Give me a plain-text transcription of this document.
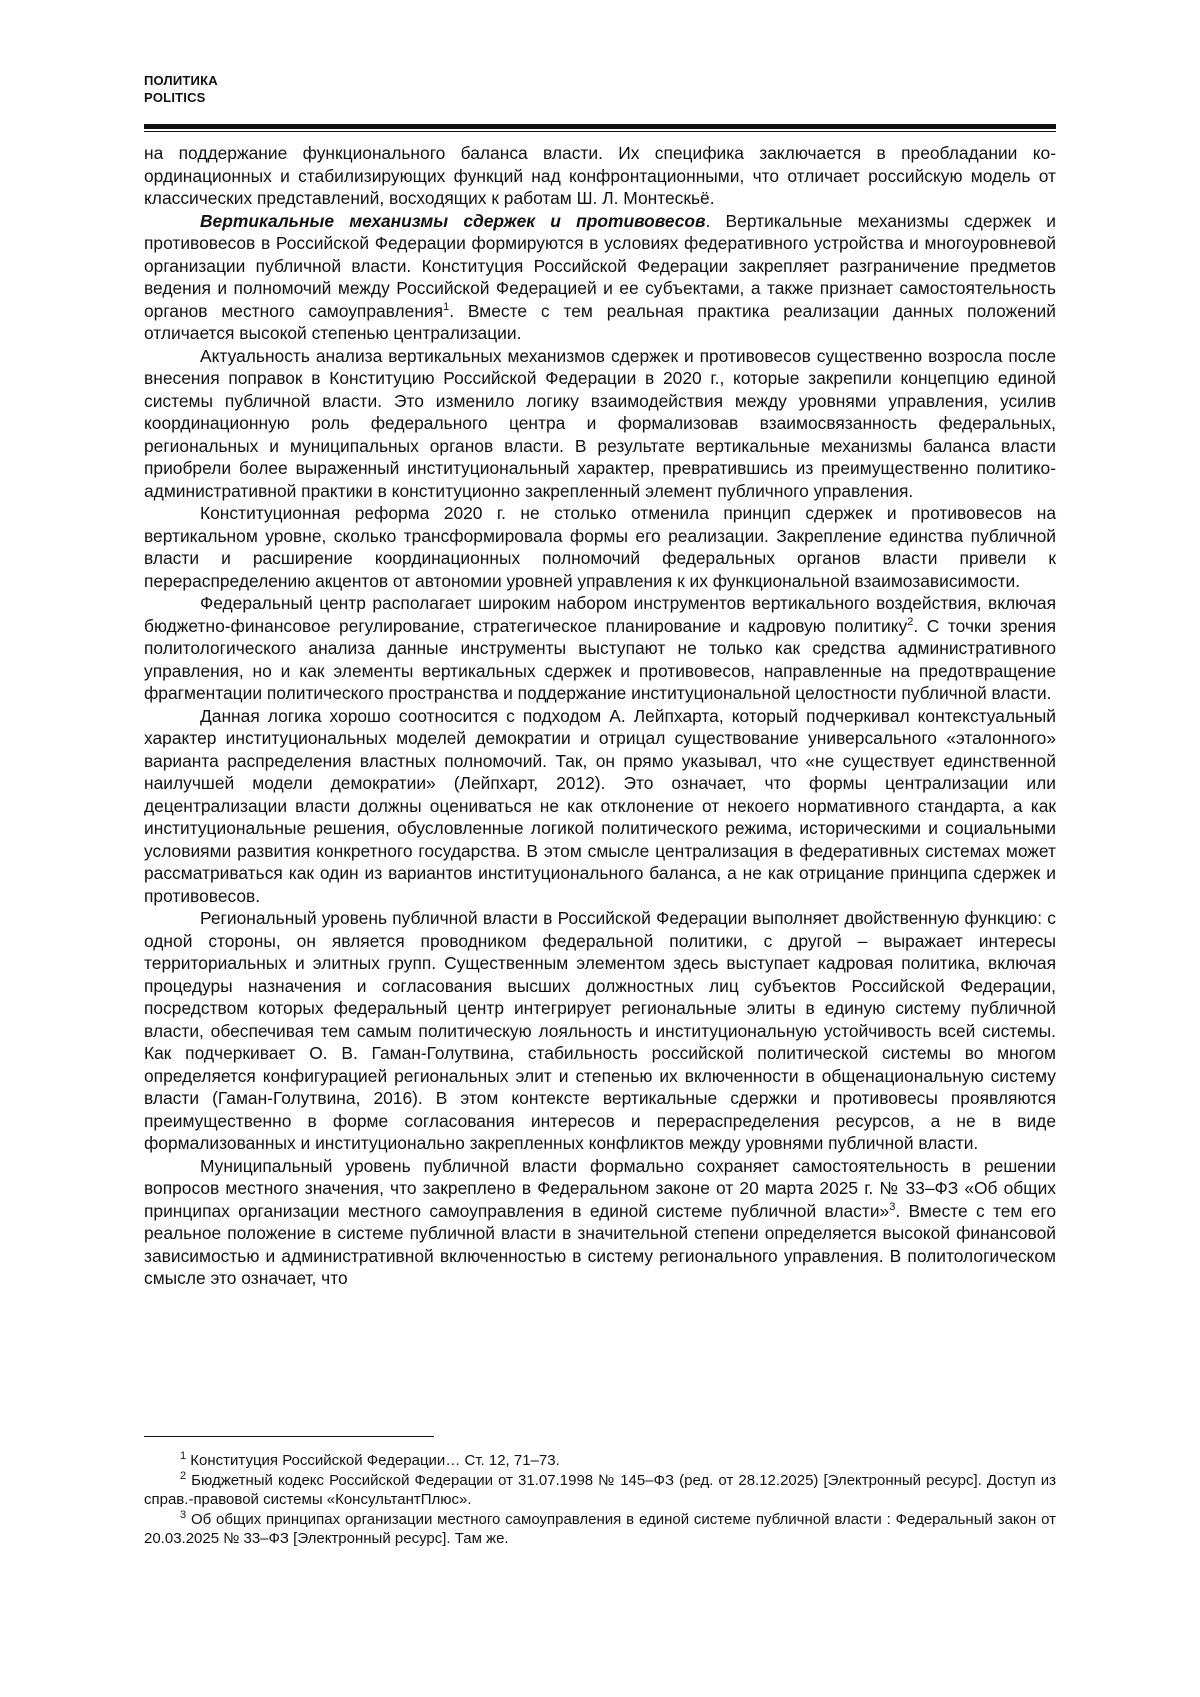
ПОЛИТИКА
POLITICS

на поддержание функционального баланса власти. Их специфика заключается в преобладании координационных и стабилизирующих функций над конфронтационными, что отличает российскую модель от классических представлений, восходящих к работам Ш. Л. Монтескьё.

Вертикальные механизмы сдержек и противовесов. Вертикальные механизмы сдержек и противовесов в Российской Федерации формируются в условиях федеративного устройства и многоуровневой организации публичной власти. Конституция Российской Федерации закрепляет разграничение предметов ведения и полномочий между Российской Федерацией и ее субъектами, а также признает самостоятельность органов местного самоуправления$^1$. Вместе с тем реальная практика реализации данных положений отличается высокой степенью централизации.

Актуальность анализа вертикальных механизмов сдержек и противовесов существенно возросла после внесения поправок в Конституцию Российской Федерации в 2020 г., которые закрепили концепцию единой системы публичной власти. Это изменило логику взаимодействия между уровнями управления, усилив координационную роль федерального центра и формализовав взаимосвязанность федеральных, региональных и муниципальных органов власти. В результате вертикальные механизмы баланса власти приобрели более выраженный институциональный характер, превратившись из преимущественно политико-административной практики в конституционно закрепленный элемент публичного управления.

Конституционная реформа 2020 г. не столько отменила принцип сдержек и противовесов на вертикальном уровне, сколько трансформировала формы его реализации. Закрепление единства публичной власти и расширение координационных полномочий федеральных органов власти привели к перераспределению акцентов от автономии уровней управления к их функциональной взаимозависимости.

Федеральный центр располагает широким набором инструментов вертикального воздействия, включая бюджетно-финансовое регулирование, стратегическое планирование и кадровую политику$^2$. С точки зрения политологического анализа данные инструменты выступают не только как средства административного управления, но и как элементы вертикальных сдержек и противовесов, направленные на предотвращение фрагментации политического пространства и поддержание институциональной целостности публичной власти.

Данная логика хорошо соотносится с подходом А. Лейпхарта, который подчеркивал контекстуальный характер институциональных моделей демократии и отрицал существование универсального «эталонного» варианта распределения властных полномочий. Так, он прямо указывал, что «не существует единственной наилучшей модели демократии» (Лейпхарт, 2012). Это означает, что формы централизации или децентрализации власти должны оцениваться не как отклонение от некоего нормативного стандарта, а как институциональные решения, обусловленные логикой политического режима, историческими и социальными условиями развития конкретного государства. В этом смысле централизация в федеративных системах может рассматриваться как один из вариантов институционального баланса, а не как отрицание принципа сдержек и противовесов.

Региональный уровень публичной власти в Российской Федерации выполняет двойственную функцию: с одной стороны, он является проводником федеральной политики, с другой – выражает интересы территориальных и элитных групп. Существенным элементом здесь выступает кадровая политика, включая процедуры назначения и согласования высших должностных лиц субъектов Российской Федерации, посредством которых федеральный центр интегрирует региональные элиты в единую систему публичной власти, обеспечивая тем самым политическую лояльность и институциональную устойчивость всей системы. Как подчеркивает О. В. Гаман-Голутвина, стабильность российской политической системы во многом определяется конфигурацией региональных элит и степенью их включенности в общенациональную систему власти (Гаман-Голутвина, 2016). В этом контексте вертикальные сдержки и противовесы проявляются преимущественно в форме согласования интересов и перераспределения ресурсов, а не в виде формализованных и институционально закрепленных конфликтов между уровнями публичной власти.

Муниципальный уровень публичной власти формально сохраняет самостоятельность в решении вопросов местного значения, что закреплено в Федеральном законе от 20 марта 2025 г. № 33–ФЗ «Об общих принципах организации местного самоуправления в единой системе публичной власти»$^3$. Вместе с тем его реальное положение в системе публичной власти в значительной степени определяется высокой финансовой зависимостью и административной включенностью в систему регионального управления. В политологическом смысле это означает, что

$^1$ Конституция Российской Федерации… Ст. 12, 71–73.

$^2$ Бюджетный кодекс Российской Федерации от 31.07.1998 № 145–ФЗ (ред. от 28.12.2025) [Электронный ресурс]. Доступ из справ.-правовой системы «КонсультантПлюс».

$^3$ Об общих принципах организации местного самоуправления в единой системе публичной власти : Федеральный закон от 20.03.2025 № 33–ФЗ [Электронный ресурс]. Там же.
